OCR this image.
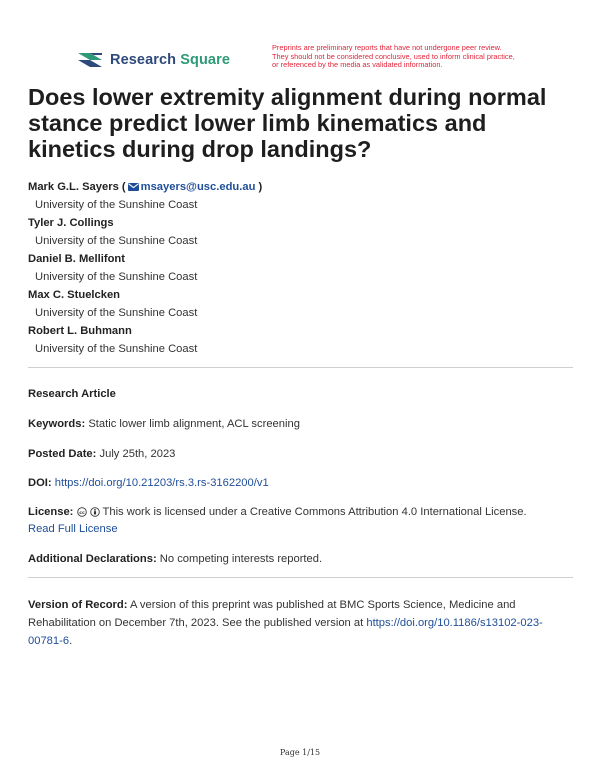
Research Square
Preprints are preliminary reports that have not undergone peer review.
They should not be considered conclusive, used to inform clinical practice,
or referenced by the media as validated information.
Does lower extremity alignment during normal stance predict lower limb kinematics and kinetics during drop landings?
Mark G.L. Sayers ( msayers@usc.edu.au )
University of the Sunshine Coast
Tyler J. Collings
University of the Sunshine Coast
Daniel B. Mellifont
University of the Sunshine Coast
Max C. Stuelcken
University of the Sunshine Coast
Robert L. Buhmann
University of the Sunshine Coast
Research Article
Keywords: Static lower limb alignment, ACL screening
Posted Date: July 25th, 2023
DOI: https://doi.org/10.21203/rs.3.rs-3162200/v1
License: cc This work is licensed under a Creative Commons Attribution 4.0 International License.
Read Full License
Additional Declarations: No competing interests reported.
Version of Record: A version of this preprint was published at BMC Sports Science, Medicine and Rehabilitation on December 7th, 2023. See the published version at https://doi.org/10.1186/s13102-023-00781-6.
Page 1/15
